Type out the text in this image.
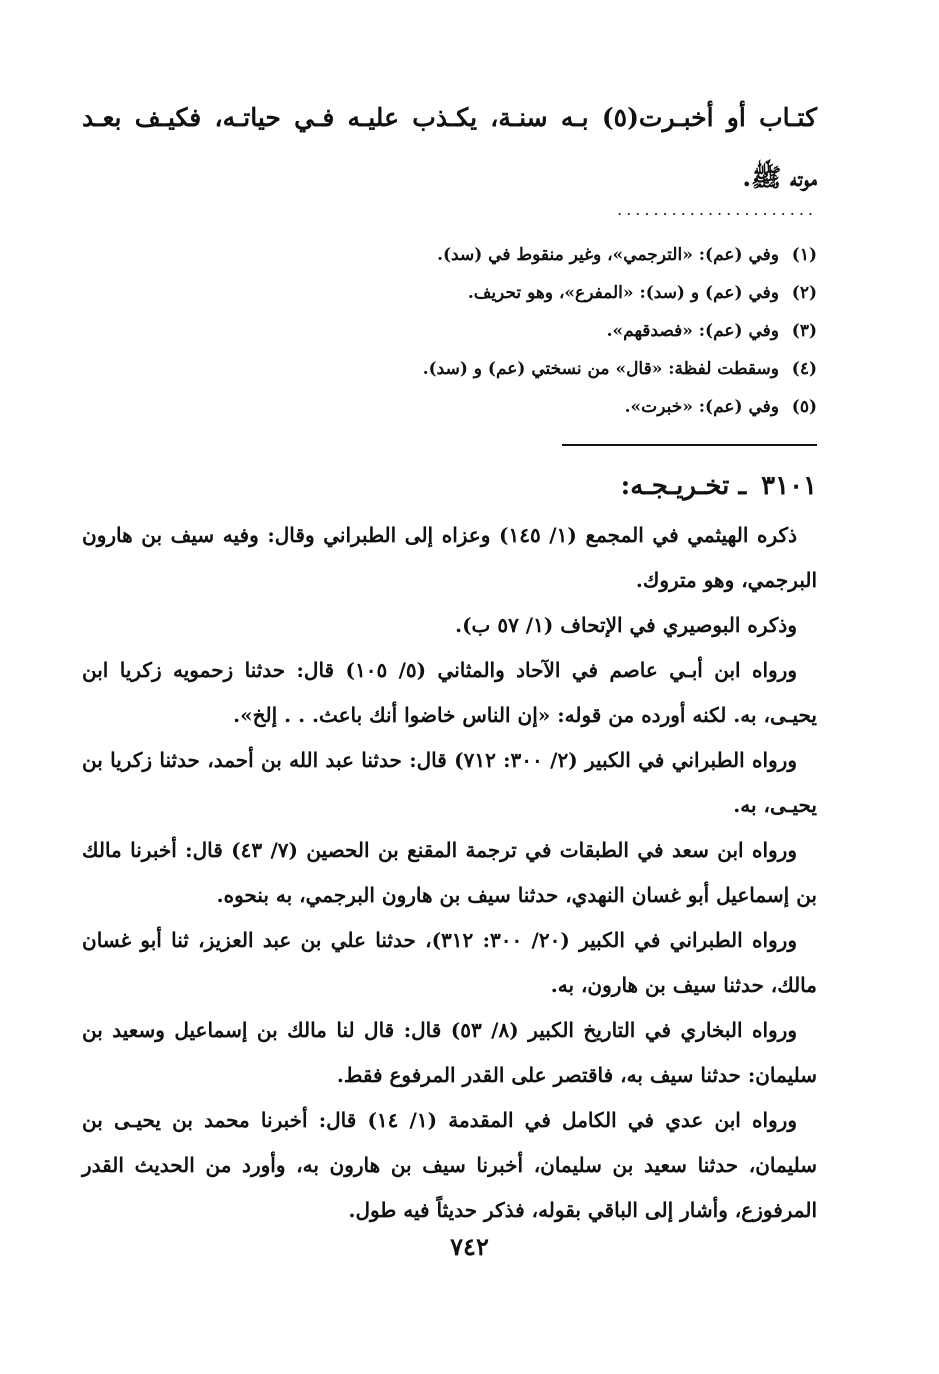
كتـاب أو أخبـرت(٥) بـه سنـة، يكـذب عليـه فـي حياتـه، فكيـف بعـد
موته ﷺ.
......................
(١)
وفي (عم): «الترجمي»، وغير منقوط في (سد).
(٢)
وفي (عم) و (سد): «المفرع»، وهو تحريف.
(٣)
وفي (عم): «فصدقهم».
(٤)
وسقطت لفظة: «قال» من نسختي (عم) و (سد).
(٥)
وفي (عم): «خبرت».
٣١٠١ ـ تخـريـجـه:

ذكره الهيثمي في المجمع (١/ ١٤٥) وعزاه إلى الطبراني وقال: وفيه سيف بن هارون البرجمي، وهو متروك.

وذكره البوصيري في الإتحاف (١/ ٥٧ ب).

ورواه ابن أبـي عاصم في الآحاد والمثاني (٥/ ١٠٥) قال: حدثنا زحمويه زكريا ابن يحيـى، به. لكنه أورده من قوله: «إن الناس خاضوا أنك باعث. . . إلخ».

ورواه الطبراني في الكبير (٢/ ٣٠٠: ٧١٢) قال: حدثنا عبد الله بن أحمد، حدثنا زكريا بن يحيـى، به.

ورواه ابن سعد في الطبقات في ترجمة المقنع بن الحصين (٧/ ٤٣) قال: أخبرنا مالك بن إسماعيل أبو غسان النهدي، حدثنا سيف بن هارون البرجمي، به بنحوه.

ورواه الطبراني في الكبير (٢٠/ ٣٠٠: ٣١٢)، حدثنا علي بن عبد العزيز، ثنا أبو غسان مالك، حدثنا سيف بن هارون، به.

ورواه البخاري في التاريخ الكبير (٨/ ٥٣) قال: قال لنا مالك بن إسماعيل وسعيد بن سليمان: حدثنا سيف به، فاقتصر على القدر المرفوع فقط.

ورواه ابن عدي في الكامل في المقدمة (١/ ١٤) قال: أخبرنا محمد بن يحيـى بن سليمان، حدثنا سعيد بن سليمان، أخبرنا سيف بن هارون به، وأورد من الحديث القدر المرفوزع، وأشار إلى الباقي بقوله، فذكر حديثاً فيه طول.

٧٤٢
